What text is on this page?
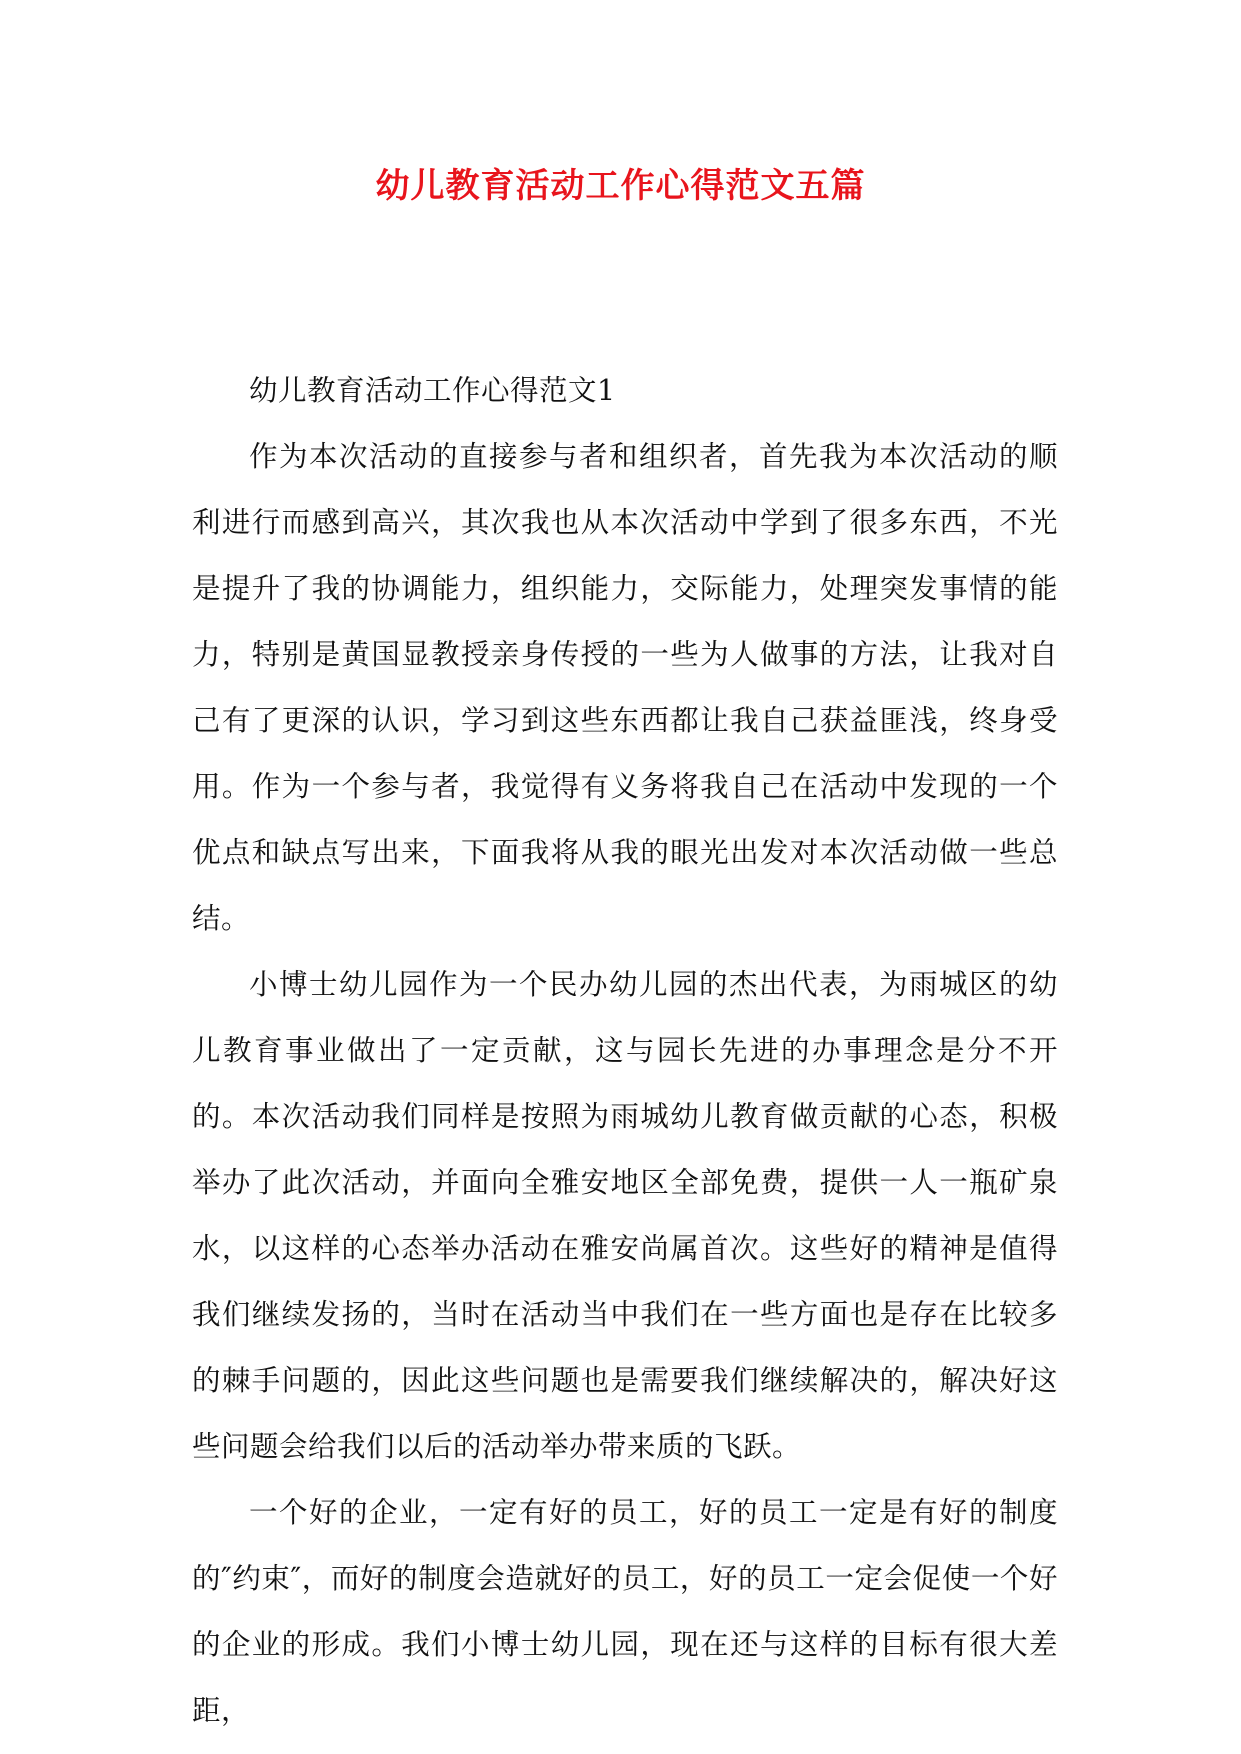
幼儿教育活动工作心得范文五篇

幼儿教育活动工作心得范文1

作为本次活动的直接参与者和组织者，首先我为本次活动的顺利进行而感到高兴，其次我也从本次活动中学到了很多东西，不光是提升了我的协调能力，组织能力，交际能力，处理突发事情的能力，特别是黄国显教授亲身传授的一些为人做事的方法，让我对自己有了更深的认识，学习到这些东西都让我自己获益匪浅，终身受用。作为一个参与者，我觉得有义务将我自己在活动中发现的一个优点和缺点写出来，下面我将从我的眼光出发对本次活动做一些总结。

小博士幼儿园作为一个民办幼儿园的杰出代表，为雨城区的幼儿教育事业做出了一定贡献，这与园长先进的办事理念是分不开的。本次活动我们同样是按照为雨城幼儿教育做贡献的心态，积极举办了此次活动，并面向全雅安地区全部免费，提供一人一瓶矿泉水，以这样的心态举办活动在雅安尚属首次。这些好的精神是值得我们继续发扬的，当时在活动当中我们在一些方面也是存在比较多的棘手问题的，因此这些问题也是需要我们继续解决的，解决好这些问题会给我们以后的活动举办带来质的飞跃。

一个好的企业，一定有好的员工，好的员工一定是有好的制度的″约束″，而好的制度会造就好的员工，好的员工一定会促使一个好的企业的形成。我们小博士幼儿园，现在还与这样的目标有很大差距，
